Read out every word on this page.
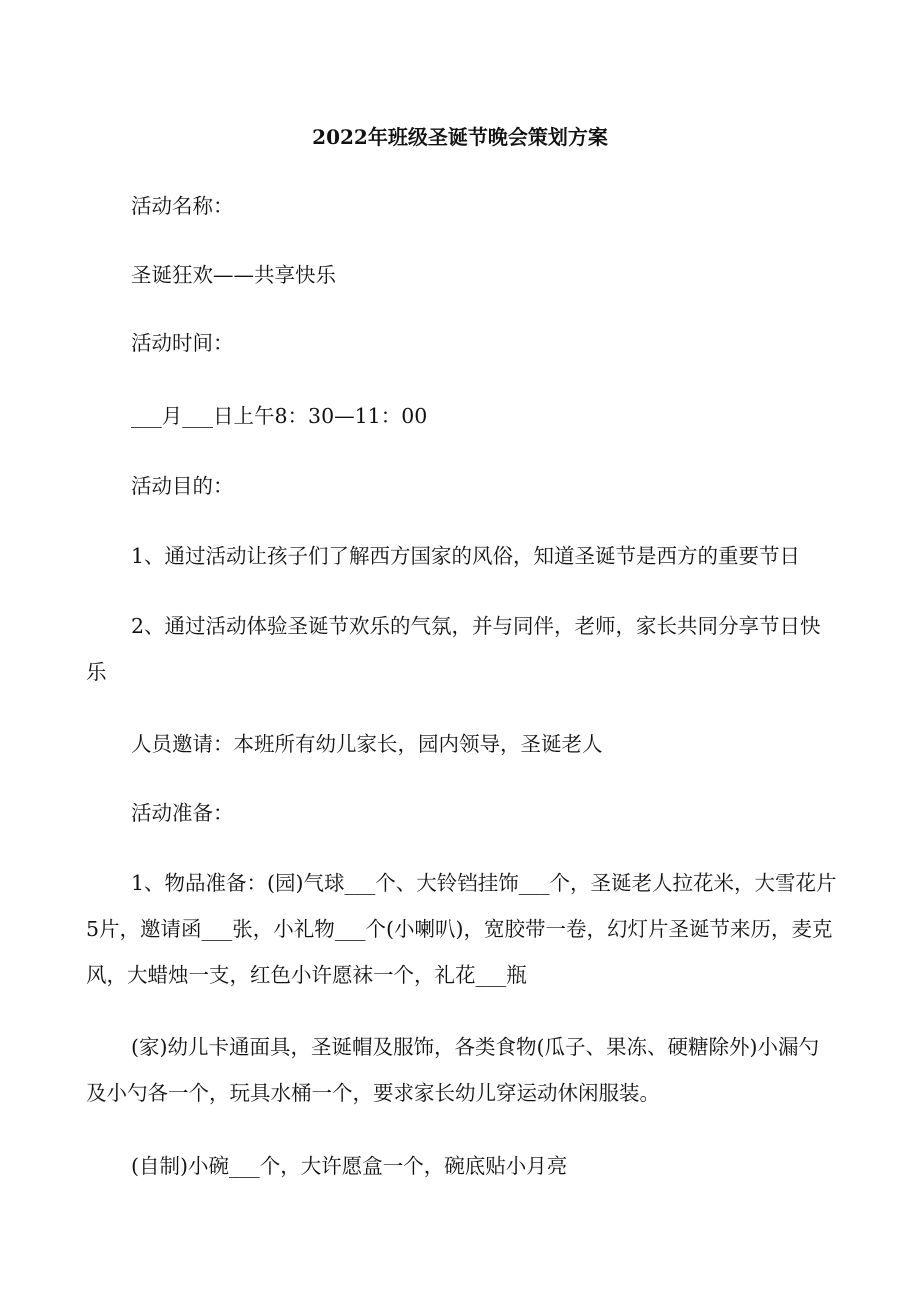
2022年班级圣诞节晚会策划方案

活动名称：

圣诞狂欢——共享快乐

活动时间：

___月___日上午8：30—11：00

活动目的：

1、通过活动让孩子们了解西方国家的风俗，知道圣诞节是西方的重要节日

2、通过活动体验圣诞节欢乐的气氛，并与同伴，老师，家长共同分享节日快乐

人员邀请：本班所有幼儿家长，园内领导，圣诞老人

活动准备：

1、物品准备：(园)气球___个、大铃铛挂饰___个，圣诞老人拉花米，大雪花片5片，邀请函___张，小礼物___个(小喇叭)，宽胶带一卷，幻灯片圣诞节来历，麦克风，大蜡烛一支，红色小许愿袜一个，礼花___瓶

(家)幼儿卡通面具，圣诞帽及服饰，各类食物(瓜子、果冻、硬糖除外)小漏勺及小勺各一个，玩具水桶一个，要求家长幼儿穿运动休闲服装。

(自制)小碗___个，大许愿盒一个，碗底贴小月亮
